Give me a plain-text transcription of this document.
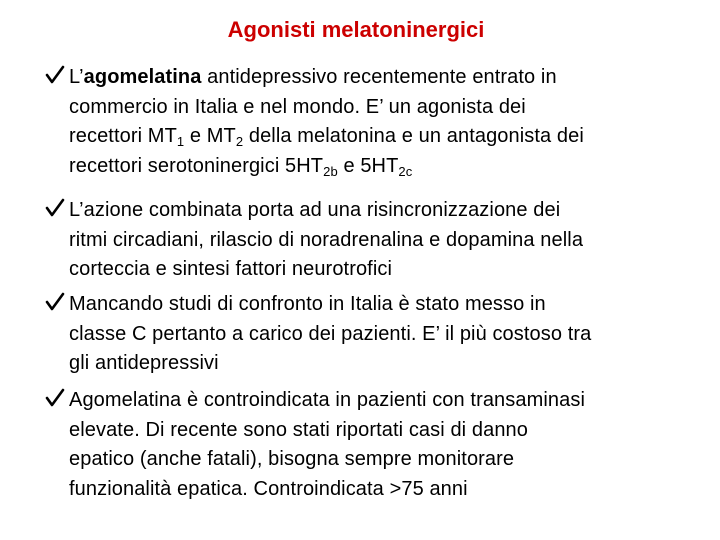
Agonisti melatoninergici
L’agomelatina antidepressivo recentemente entrato in
commercio in Italia e nel mondo. E’ un agonista dei
recettori $MT_1$ e $MT_2$ della melatonina e un antagonista dei
recettori serotoninergici $5HT_{2b}$ e $5HT_{2c}$
L’azione combinata porta ad una risincronizzazione dei
ritmi circadiani, rilascio di noradrenalina e dopamina nella
corteccia e sintesi fattori neurotrofici
Mancando studi di confronto in Italia è stato messo in
classe C pertanto a carico dei pazienti. E’ il più costoso tra
gli antidepressivi
Agomelatina è controindicata in pazienti con transaminasi
elevate. Di recente sono stati riportati casi di danno
epatico (anche fatali), bisogna sempre monitorare
funzionalità epatica. Controindicata >75 anni
